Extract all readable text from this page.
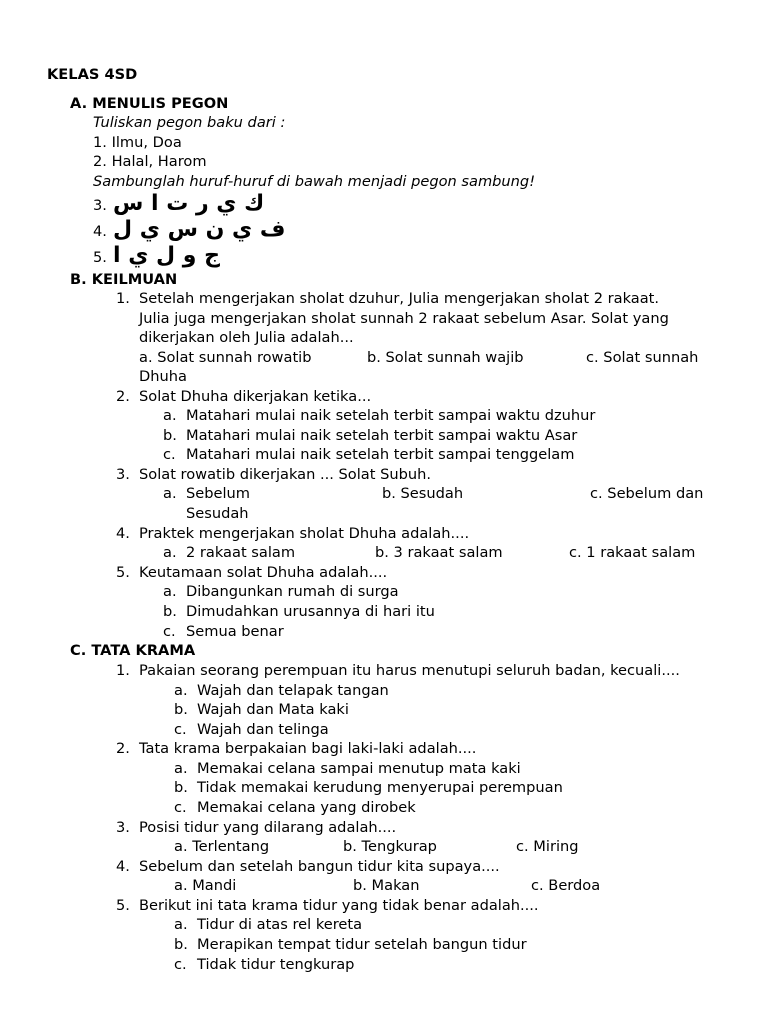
KELAS 4SD
A. MENULIS PEGON
Tuliskan pegon baku dari :
1. Ilmu, Doa
2. Halal, Harom
Sambunglah huruf-huruf di bawah menjadi pegon sambung!
3. ك ي ر ت ا س
4. ف ي ن س ي ل
5. ج و ل ي ا
B. KEILMUAN
1. Setelah mengerjakan sholat dzuhur, Julia mengerjakan sholat 2 rakaat.
Julia juga mengerjakan sholat sunnah 2 rakaat sebelum Asar. Solat yang
dikerjakan oleh Julia adalah...
a. Solat sunnah rowatib	b. Solat sunnah wajib	c. Solat sunnah
Dhuha
2. Solat Dhuha dikerjakan ketika...
a. Matahari mulai naik setelah terbit sampai waktu dzuhur
b. Matahari mulai naik setelah terbit sampai waktu Asar
c. Matahari mulai naik setelah terbit sampai tenggelam
3. Solat rowatib dikerjakan ... Solat Subuh.
a. Sebelum	b. Sesudah	c. Sebelum dan
Sesudah
4. Praktek mengerjakan sholat Dhuha adalah....
a. 2 rakaat salam	b. 3 rakaat salam	c. 1 rakaat salam
5. Keutamaan solat Dhuha adalah....
a. Dibangunkan rumah di surga
b. Dimudahkan urusannya di hari itu
c. Semua benar
C. TATA KRAMA
1. Pakaian seorang perempuan itu harus menutupi seluruh badan, kecuali....
a. Wajah dan telapak tangan
b. Wajah dan Mata kaki
c. Wajah dan telinga
2. Tata krama berpakaian bagi laki-laki adalah....
a. Memakai celana sampai menutup mata kaki
b. Tidak memakai kerudung menyerupai perempuan
c. Memakai celana yang dirobek
3. Posisi tidur yang dilarang adalah....
a. Terlentang	b. Tengkurap	c. Miring
4. Sebelum dan setelah bangun tidur kita supaya....
a. Mandi	b. Makan	c. Berdoa
5. Berikut ini tata krama tidur yang tidak benar adalah....
a. Tidur di atas rel kereta
b. Merapikan tempat tidur setelah bangun tidur
c. Tidak tidur tengkurap
